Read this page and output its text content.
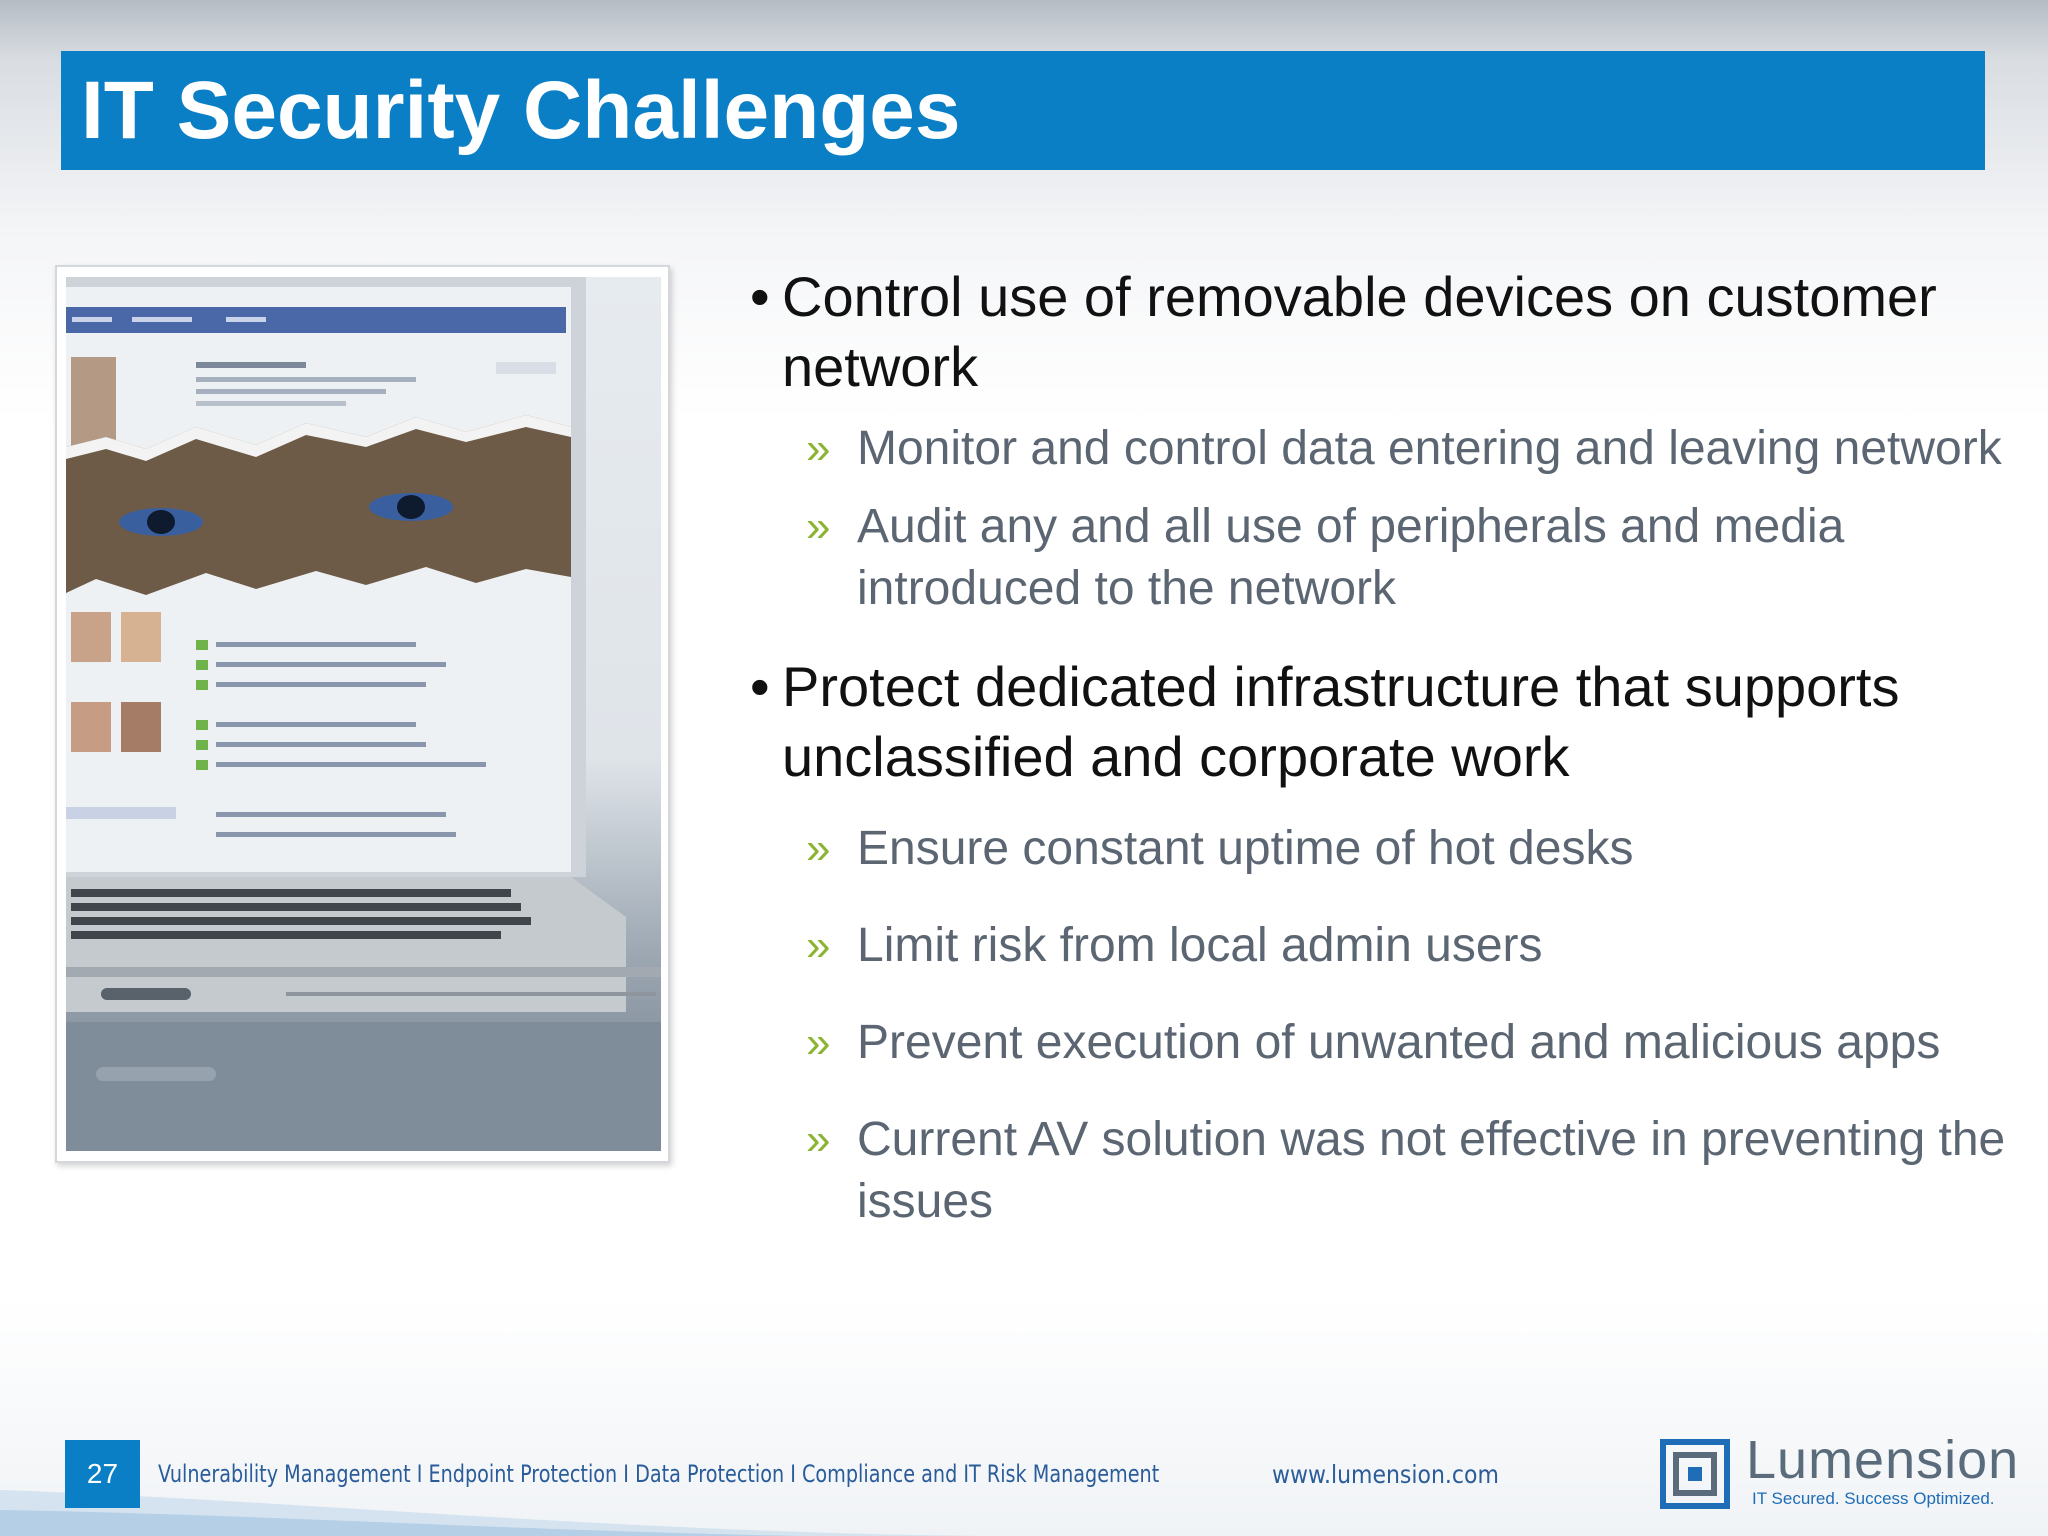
IT Security Challenges
• Control use of removable devices on customer network
» Monitor and control data entering and leaving network
» Audit any and all use of peripherals and media introduced to the network
• Protect dedicated infrastructure that supports unclassified and corporate work
» Ensure constant uptime of hot desks
» Limit risk from local admin users
» Prevent execution of unwanted and malicious apps
» Current AV solution was not effective in preventing the issues
27	Vulnerability Management I Endpoint Protection I Data Protection I Compliance and IT Risk Management	www.lumension.com	Lumension
IT Secured. Success Optimized.
